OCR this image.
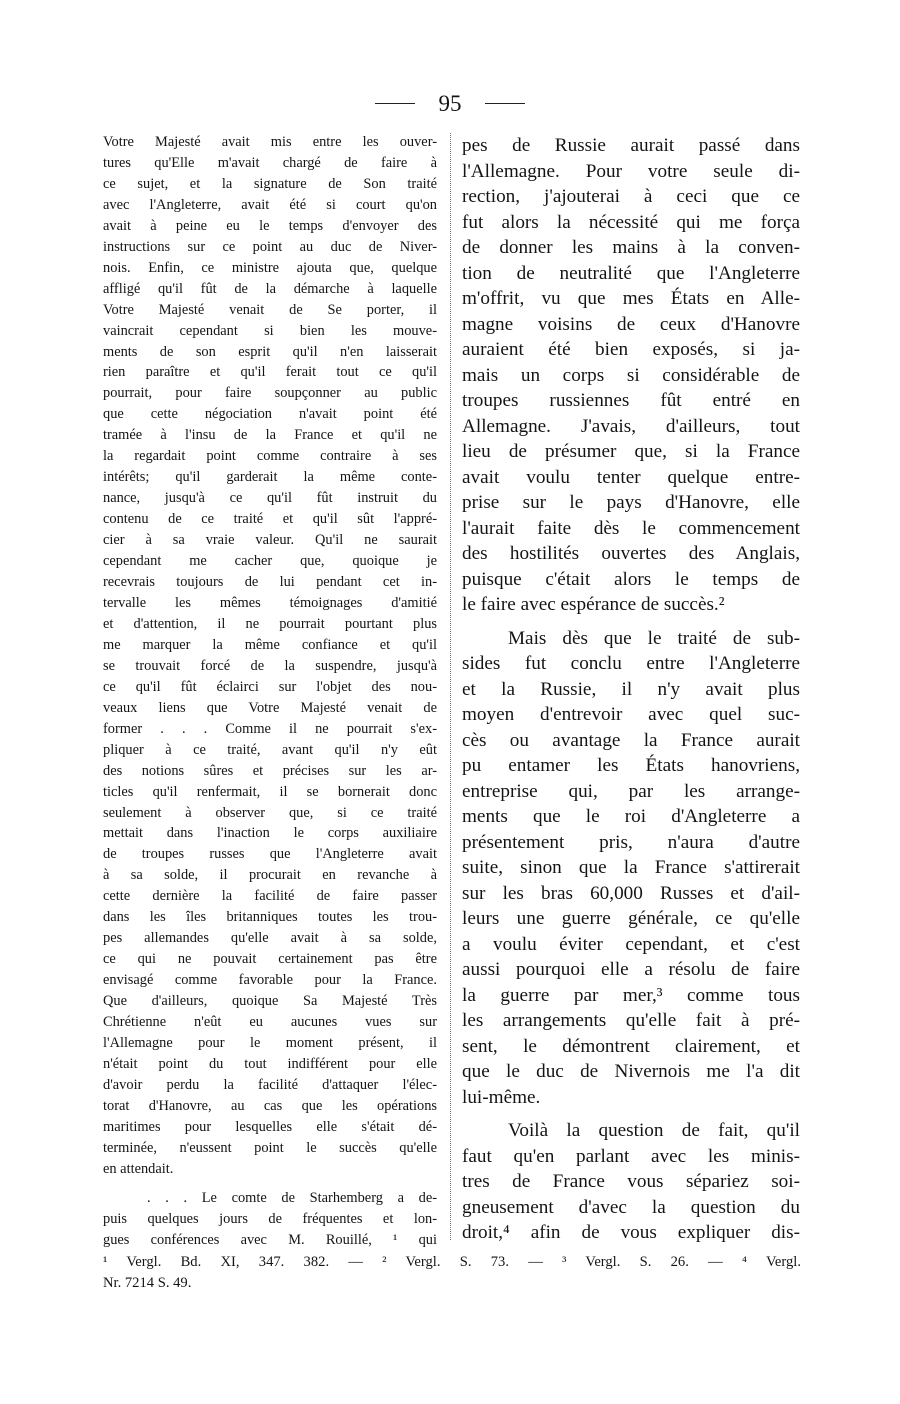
95
Votre Majesté avait mis entre les ouver-
tures qu'Elle m'avait chargé de faire à
ce sujet, et la signature de Son traité
avec l'Angleterre, avait été si court qu'on
avait à peine eu le temps d'envoyer des
instructions sur ce point au duc de Niver-
nois. Enfin, ce ministre ajouta que, quelque
affligé qu'il fût de la démarche à laquelle
Votre Majesté venait de Se porter, il
vaincrait cependant si bien les mouve-
ments de son esprit qu'il n'en laisserait
rien paraître et qu'il ferait tout ce qu'il
pourrait, pour faire soupçonner au public
que cette négociation n'avait point été
tramée à l'insu de la France et qu'il ne
la regardait point comme contraire à ses
intérêts; qu'il garderait la même conte-
nance, jusqu'à ce qu'il fût instruit du
contenu de ce traité et qu'il sût l'appré-
cier à sa vraie valeur. Qu'il ne saurait
cependant me cacher que, quoique je
recevrais toujours de lui pendant cet in-
tervalle les mêmes témoignages d'amitié
et d'attention, il ne pourrait pourtant plus
me marquer la même confiance et qu'il
se trouvait forcé de la suspendre, jusqu'à
ce qu'il fût éclairci sur l'objet des nou-
veaux liens que Votre Majesté venait de
former . . . Comme il ne pourrait s'ex-
pliquer à ce traité, avant qu'il n'y eût
des notions sûres et précises sur les ar-
ticles qu'il renfermait, il se bornerait donc
seulement à observer que, si ce traité
mettait dans l'inaction le corps auxiliaire
de troupes russes que l'Angleterre avait
à sa solde, il procurait en revanche à
cette dernière la facilité de faire passer
dans les îles britanniques toutes les trou-
pes allemandes qu'elle avait à sa solde,
ce qui ne pouvait certainement pas être
envisagé comme favorable pour la France.
Que d'ailleurs, quoique Sa Majesté Très
Chrétienne n'eût eu aucunes vues sur
l'Allemagne pour le moment présent, il
n'était point du tout indifférent pour elle
d'avoir perdu la facilité d'attaquer l'élec-
torat d'Hanovre, au cas que les opérations
maritimes pour lesquelles elle s'était dé-
terminée, n'eussent point le succès qu'elle
en attendait.
. . . Le comte de Starhemberg a de-
puis quelques jours de fréquentes et lon-
gues conférences avec M. Rouillé, ¹ qui
pes de Russie aurait passé dans
l'Allemagne. Pour votre seule di-
rection, j'ajouterai à ceci que ce
fut alors la nécessité qui me força
de donner les mains à la conven-
tion de neutralité que l'Angleterre
m'offrit, vu que mes États en Alle-
magne voisins de ceux d'Hanovre
auraient été bien exposés, si ja-
mais un corps si considérable de
troupes russiennes fût entré en
Allemagne. J'avais, d'ailleurs, tout
lieu de présumer que, si la France
avait voulu tenter quelque entre-
prise sur le pays d'Hanovre, elle
l'aurait faite dès le commencement
des hostilités ouvertes des Anglais,
puisque c'était alors le temps de
le faire avec espérance de succès.²
Mais dès que le traité de sub-
sides fut conclu entre l'Angleterre
et la Russie, il n'y avait plus
moyen d'entrevoir avec quel suc-
cès ou avantage la France aurait
pu entamer les États hanovriens,
entreprise qui, par les arrange-
ments que le roi d'Angleterre a
présentement pris, n'aura d'autre
suite, sinon que la France s'attirerait
sur les bras 60,000 Russes et d'ail-
leurs une guerre générale, ce qu'elle
a voulu éviter cependant, et c'est
aussi pourquoi elle a résolu de faire
la guerre par mer,³ comme tous
les arrangements qu'elle fait à pré-
sent, le démontrent clairement, et
que le duc de Nivernois me l'a dit
lui-même.
Voilà la question de fait, qu'il
faut qu'en parlant avec les minis-
tres de France vous sépariez soi-
gneusement d'avec la question du
droit,⁴ afin de vous expliquer dis-
¹ Vergl. Bd. XI, 347. 382. — ² Vergl. S. 73. — ³ Vergl. S. 26. — ⁴ Vergl.
Nr. 7214 S. 49.
